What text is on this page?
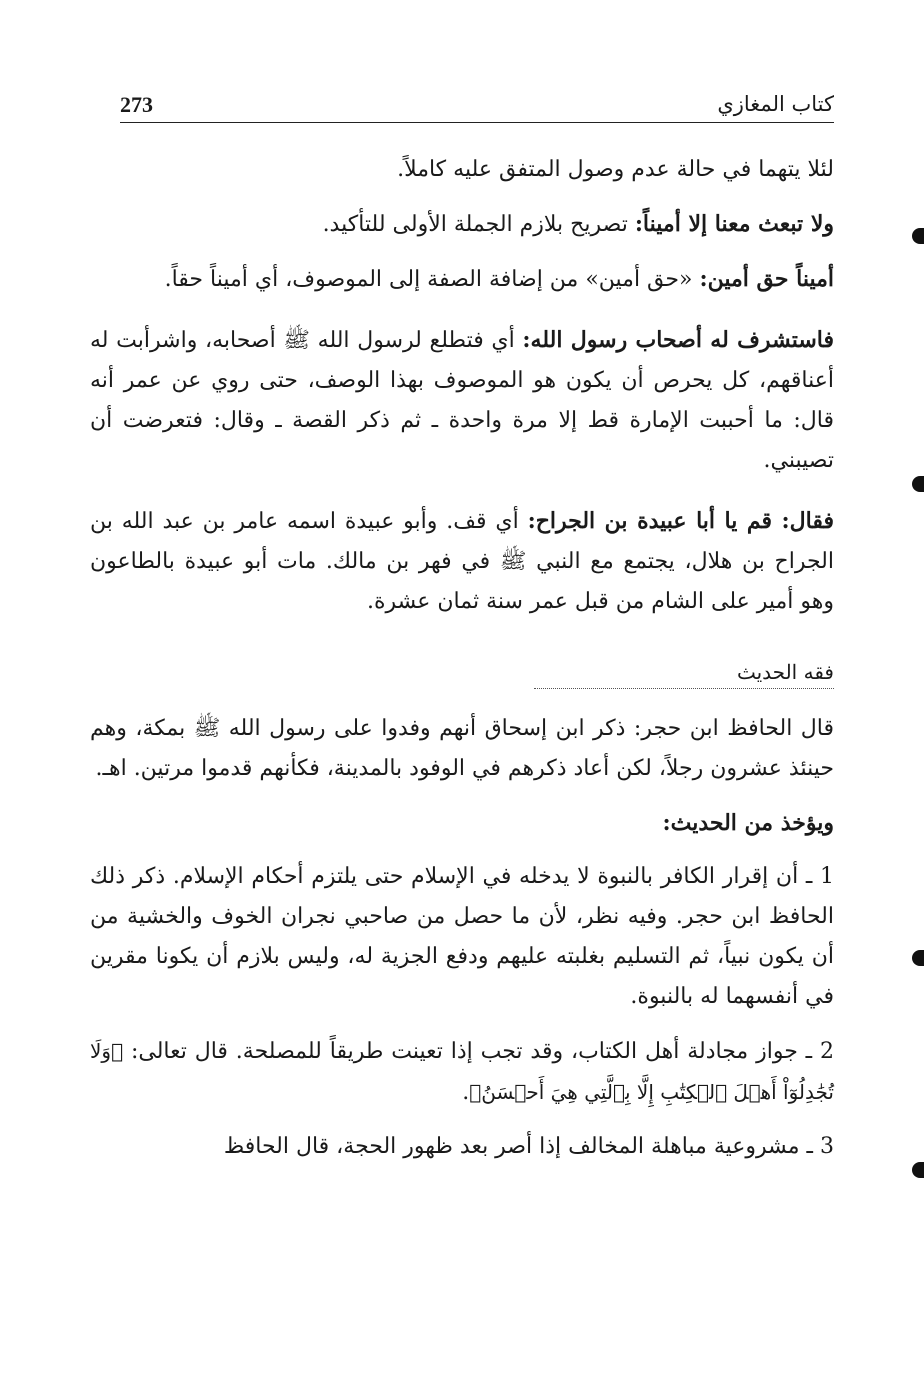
كتاب المغازي
273

لئلا يتهما في حالة عدم وصول المتفق عليه كاملاً.

ولا تبعث معنا إلا أميناً: تصريح بلازم الجملة الأولى للتأكيد.

أميناً حق أمين: «حق أمين» من إضافة الصفة إلى الموصوف، أي أميناً حقاً.

فاستشرف له أصحاب رسول الله: أي فتطلع لرسول الله ﷺ أصحابه، واشرأبت له أعناقهم، كل يحرص أن يكون هو الموصوف بهذا الوصف، حتى روي عن عمر أنه قال: ما أحببت الإمارة قط إلا مرة واحدة ـ ثم ذكر القصة ـ وقال: فتعرضت أن تصيبني.

فقال: قم يا أبا عبيدة بن الجراح: أي قف. وأبو عبيدة اسمه عامر بن عبد الله بن الجراح بن هلال، يجتمع مع النبي ﷺ في فهر بن مالك. مات أبو عبيدة بالطاعون وهو أمير على الشام من قبل عمر سنة ثمان عشرة.

فقه الحديث

قال الحافظ ابن حجر: ذكر ابن إسحاق أنهم وفدوا على رسول الله ﷺ بمكة، وهم حينئذ عشرون رجلاً، لكن أعاد ذكرهم في الوفود بالمدينة، فكأنهم قدموا مرتين. اهـ.

ويؤخذ من الحديث:

1 ـ أن إقرار الكافر بالنبوة لا يدخله في الإسلام حتى يلتزم أحكام الإسلام. ذكر ذلك الحافظ ابن حجر. وفيه نظر، لأن ما حصل من صاحبي نجران الخوف والخشية من أن يكون نبياً، ثم التسليم بغلبته عليهم ودفع الجزية له، وليس بلازم أن يكونا مقرين في أنفسهما له بالنبوة.

2 ـ جواز مجادلة أهل الكتاب، وقد تجب إذا تعينت طريقاً للمصلحة. قال تعالى: ﴿وَلَا تُجَٰدِلُوٓاْ أَهۡلَ ٱلۡكِتَٰبِ إِلَّا بِٱلَّتِي هِيَ أَحۡسَنُ﴾.

3 ـ مشروعية مباهلة المخالف إذا أصر بعد ظهور الحجة، قال الحافظ
